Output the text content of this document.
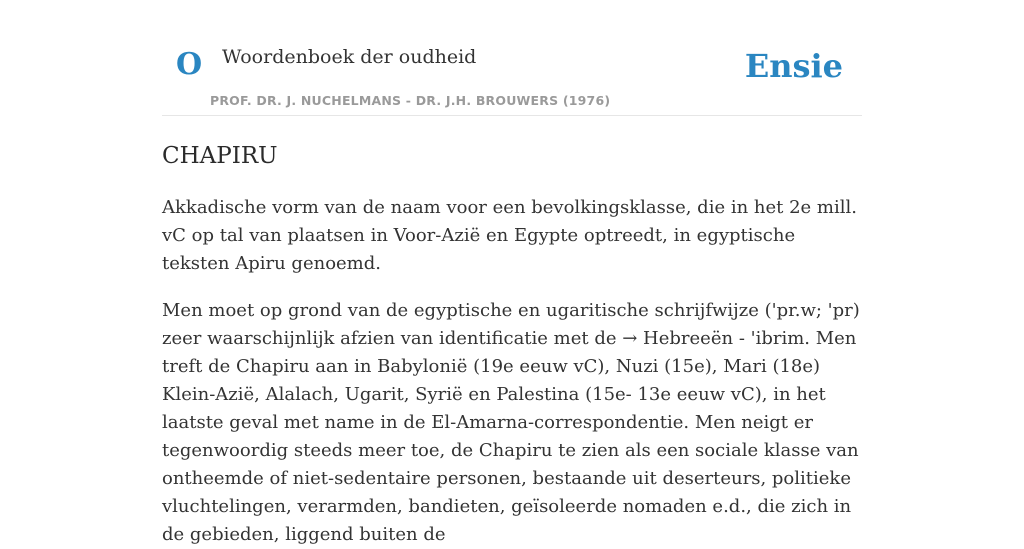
O Woordenboek der oudheid
PROF. DR. J. NUCHELMANS - DR. J.H. BROUWERS (1976)
Ensie
CHAPIRU

Akkadische vorm van de naam voor een bevolkingsklasse, die in het 2e mill. vC op tal van plaatsen in Voor-Azië en Egypte optreedt, in egyptische teksten Apiru genoemd.

Men moet op grond van de egyptische en ugaritische schrijfwijze ('pr.w; 'pr) zeer waarschijnlijk afzien van identificatie met de → Hebreeën - 'ibrim. Men treft de Chapiru aan in Babylonië (19e eeuw vC), Nuzi (15e), Mari (18e) Klein-Azië, Alalach, Ugarit, Syrië en Palestina (15e- 13e eeuw vC), in het laatste geval met name in de El-Amarna-correspondentie. Men neigt er tegenwoordig steeds meer toe, de Chapiru te zien als een sociale klasse van ontheemde of niet-sedentaire personen, bestaande uit deserteurs, politieke vluchtelingen, verarmden, bandieten, geïsoleerde nomaden e.d., die zich in de gebieden, liggend buiten de
